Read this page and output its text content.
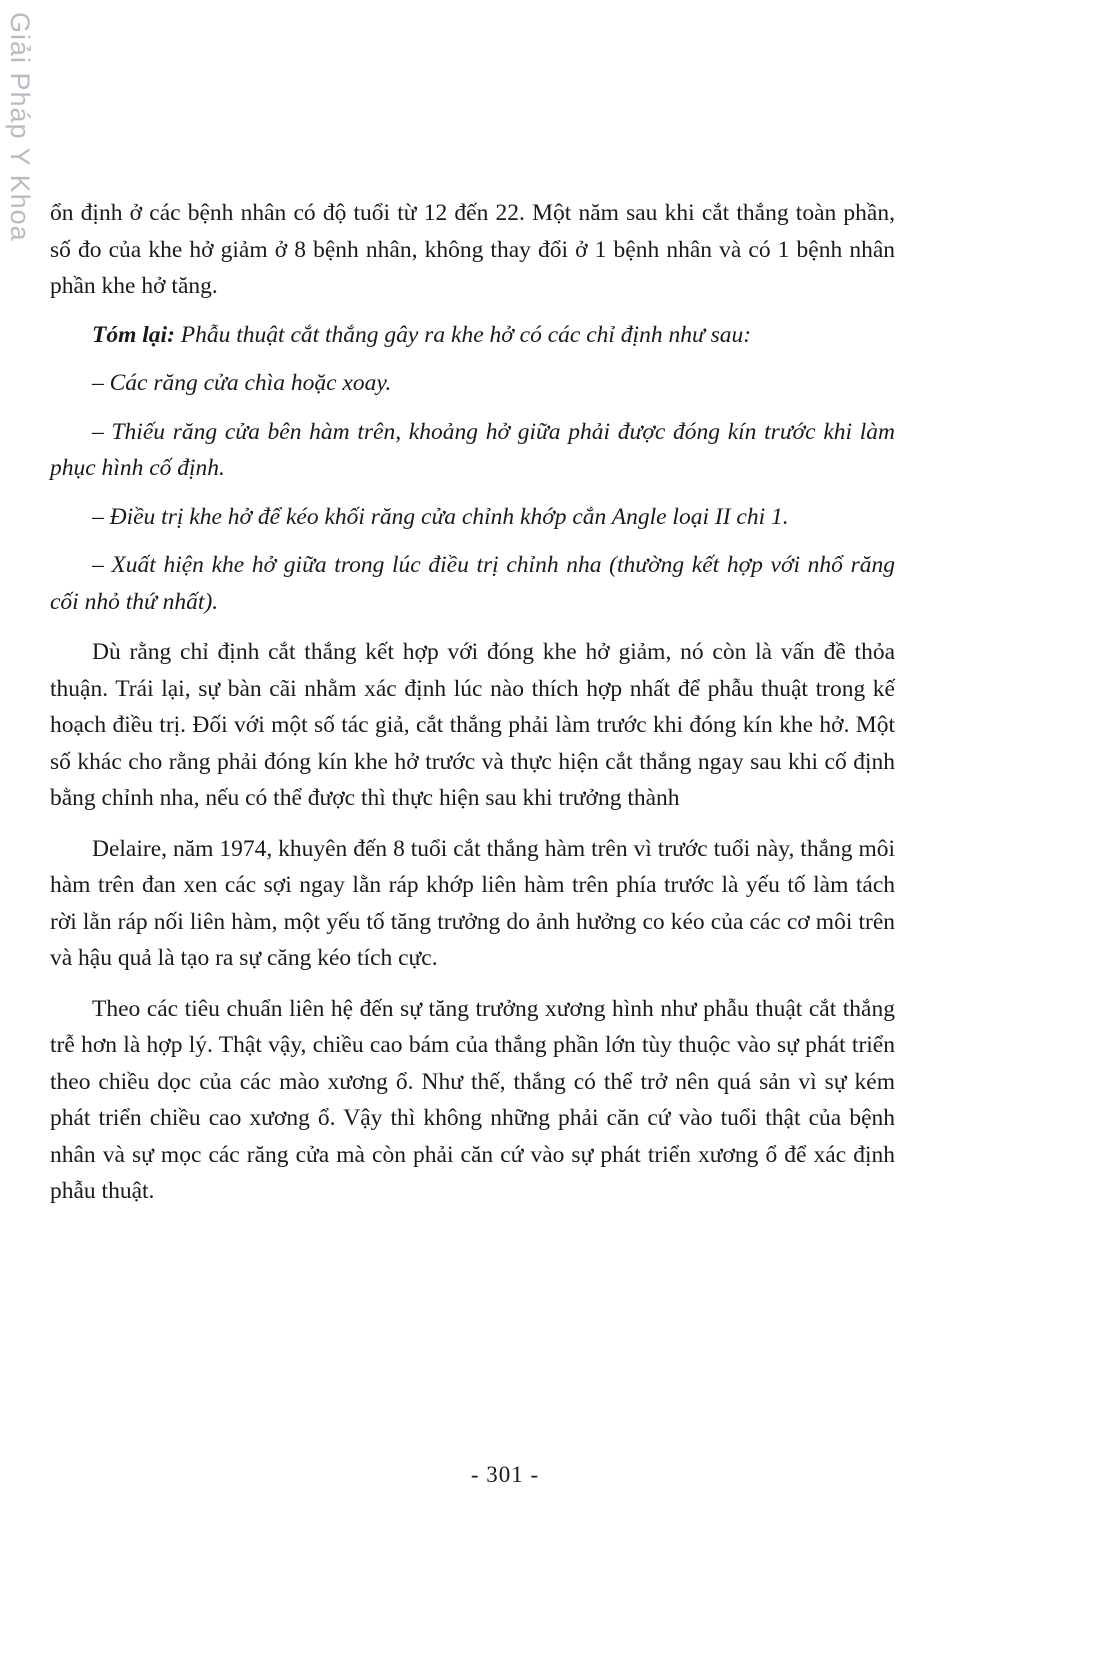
Giải Pháp Y Khoa ổn định ở các bệnh nhân có độ tuổi từ 12 đến 22. Một năm sau khi cắt thắng toàn phần, số đo của khe hở giảm ở 8 bệnh nhân, không thay đổi ở 1 bệnh nhân và có 1 bệnh nhân phần khe hở tăng.

Tóm lại: Phẫu thuật cắt thắng gây ra khe hở có các chỉ định như sau:

– Các răng cửa chìa hoặc xoay.

– Thiếu răng cửa bên hàm trên, khoảng hở giữa phải được đóng kín trước khi làm phục hình cố định.

– Điều trị khe hở để kéo khối răng cửa chỉnh khớp cắn Angle loại II chi 1.

– Xuất hiện khe hở giữa trong lúc điều trị chỉnh nha (thường kết hợp với nhổ răng cối nhỏ thứ nhất).

Dù rằng chỉ định cắt thắng kết hợp với đóng khe hở giảm, nó còn là vấn đề thỏa thuận. Trái lại, sự bàn cãi nhằm xác định lúc nào thích hợp nhất để phẫu thuật trong kế hoạch điều trị. Đối với một số tác giả, cắt thắng phải làm trước khi đóng kín khe hở. Một số khác cho rằng phải đóng kín khe hở trước và thực hiện cắt thắng ngay sau khi cố định bằng chỉnh nha, nếu có thể được thì thực hiện sau khi trưởng thành

Delaire, năm 1974, khuyên đến 8 tuổi cắt thắng hàm trên vì trước tuổi này, thắng môi hàm trên đan xen các sợi ngay lằn ráp khớp liên hàm trên phía trước là yếu tố làm tách rời lằn ráp nối liên hàm, một yếu tố tăng trưởng do ảnh hưởng co kéo của các cơ môi trên và hậu quả là tạo ra sự căng kéo tích cực.

Theo các tiêu chuẩn liên hệ đến sự tăng trưởng xương hình như phẫu thuật cắt thắng trễ hơn là hợp lý. Thật vậy, chiều cao bám của thắng phần lớn tùy thuộc vào sự phát triển theo chiều dọc của các mào xương ổ. Như thế, thắng có thể trở nên quá sản vì sự kém phát triển chiều cao xương ổ. Vậy thì không những phải căn cứ vào tuổi thật của bệnh nhân và sự mọc các răng cửa mà còn phải căn cứ vào sự phát triển xương ổ để xác định phẫu thuật.

- 301 -
